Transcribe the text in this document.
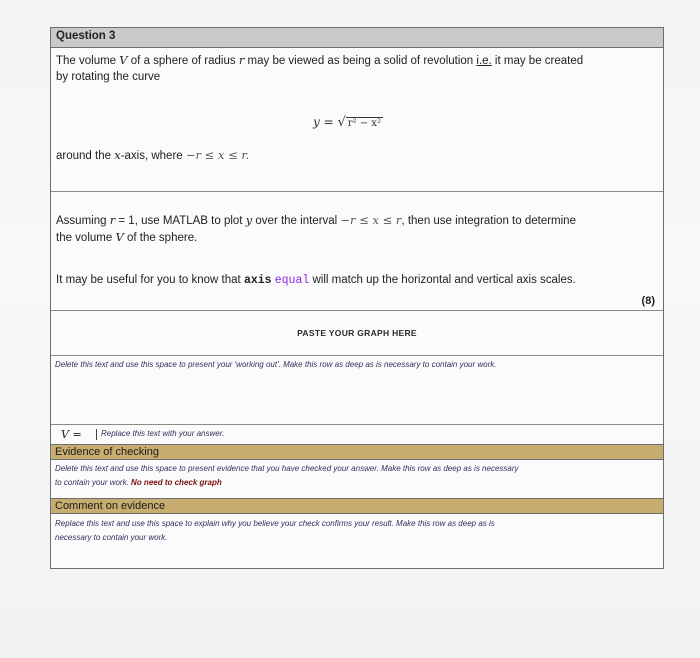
Question 3
The volume V of a sphere of radius r may be viewed as being a solid of revolution i.e. it may be created
by rotating the curve
y = √ r² − x²
around the x-axis, where −r ≤ x ≤ r.
Assuming r = 1, use MATLAB to plot y over the interval −r ≤ x ≤ r, then use integration to determine
the volume V of the sphere.
It may be useful for you to know that axis equal will match up the horizontal and vertical axis scales.
(8)
PASTE YOUR GRAPH HERE
Delete this text and use this space to present your 'working out'. Make this row as deep as is necessary to contain your work.
V = Replace this text with your answer.
Evidence of checking
Delete this text and use this space to present evidence that you have checked your answer. Make this row as deep as is necessary
to contain your work. No need to check graph
Comment on evidence
Replace this text and use this space to explain why you believe your check confirms your result. Make this row as deep as is
necessary to contain your work.
